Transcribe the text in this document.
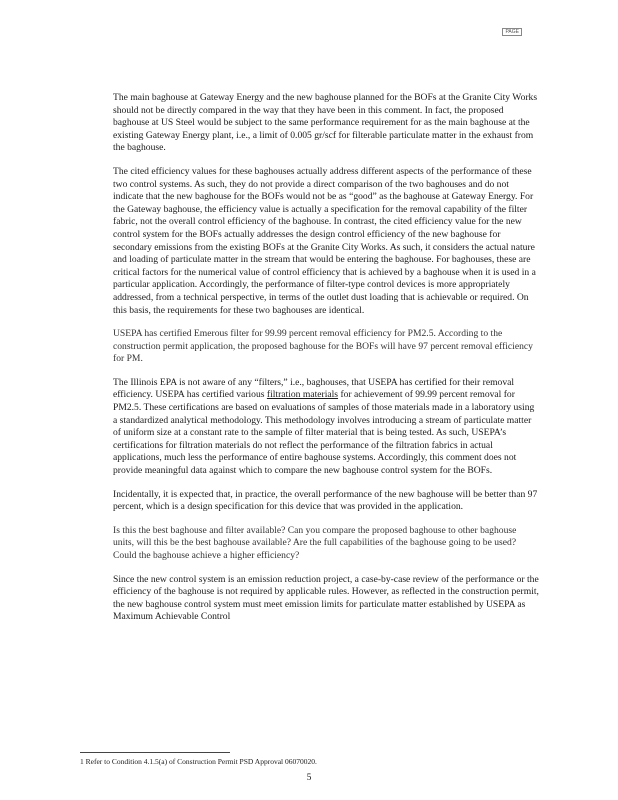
PAGE

The main baghouse at Gateway Energy and the new baghouse planned for the BOFs at the Granite City Works should not be directly compared in the way that they have been in this comment. In fact, the proposed baghouse at US Steel would be subject to the same performance requirement for as the main baghouse at the existing Gateway Energy plant, i.e., a limit of 0.005 gr/scf for filterable particulate matter in the exhaust from the baghouse.

The cited efficiency values for these baghouses actually address different aspects of the performance of these two control systems. As such, they do not provide a direct comparison of the two baghouses and do not indicate that the new baghouse for the BOFs would not be as “good” as the baghouse at Gateway Energy. For the Gateway baghouse, the efficiency value is actually a specification for the removal capability of the filter fabric, not the overall control efficiency of the baghouse. In contrast, the cited efficiency value for the new control system for the BOFs actually addresses the design control efficiency of the new baghouse for secondary emissions from the existing BOFs at the Granite City Works. As such, it considers the actual nature and loading of particulate matter in the stream that would be entering the baghouse. For baghouses, these are critical factors for the numerical value of control efficiency that is achieved by a baghouse when it is used in a particular application. Accordingly, the performance of filter-type control devices is more appropriately addressed, from a technical perspective, in terms of the outlet dust loading that is achievable or required. On this basis, the requirements for these two baghouses are identical.

USEPA has certified Emerous filter for 99.99 percent removal efficiency for PM2.5. According to the construction permit application, the proposed baghouse for the BOFs will have 97 percent removal efficiency for PM.

The Illinois EPA is not aware of any “filters,” i.e., baghouses, that USEPA has certified for their removal efficiency. USEPA has certified various filtration materials for achievement of 99.99 percent removal for PM2.5. These certifications are based on evaluations of samples of those materials made in a laboratory using a standardized analytical methodology. This methodology involves introducing a stream of particulate matter of uniform size at a constant rate to the sample of filter material that is being tested. As such, USEPA’s certifications for filtration materials do not reflect the performance of the filtration fabrics in actual applications, much less the performance of entire baghouse systems. Accordingly, this comment does not provide meaningful data against which to compare the new baghouse control system for the BOFs.

Incidentally, it is expected that, in practice, the overall performance of the new baghouse will be better than 97 percent, which is a design specification for this device that was provided in the application.

Is this the best baghouse and filter available? Can you compare the proposed baghouse to other baghouse units, will this be the best baghouse available? Are the full capabilities of the baghouse going to be used? Could the baghouse achieve a higher efficiency?

Since the new control system is an emission reduction project, a case-by-case review of the performance or the efficiency of the baghouse is not required by applicable rules. However, as reflected in the construction permit, the new baghouse control system must meet emission limits for particulate matter established by USEPA as Maximum Achievable Control

1 Refer to Condition 4.1.5(a) of Construction Permit PSD Approval 06070020.
5
